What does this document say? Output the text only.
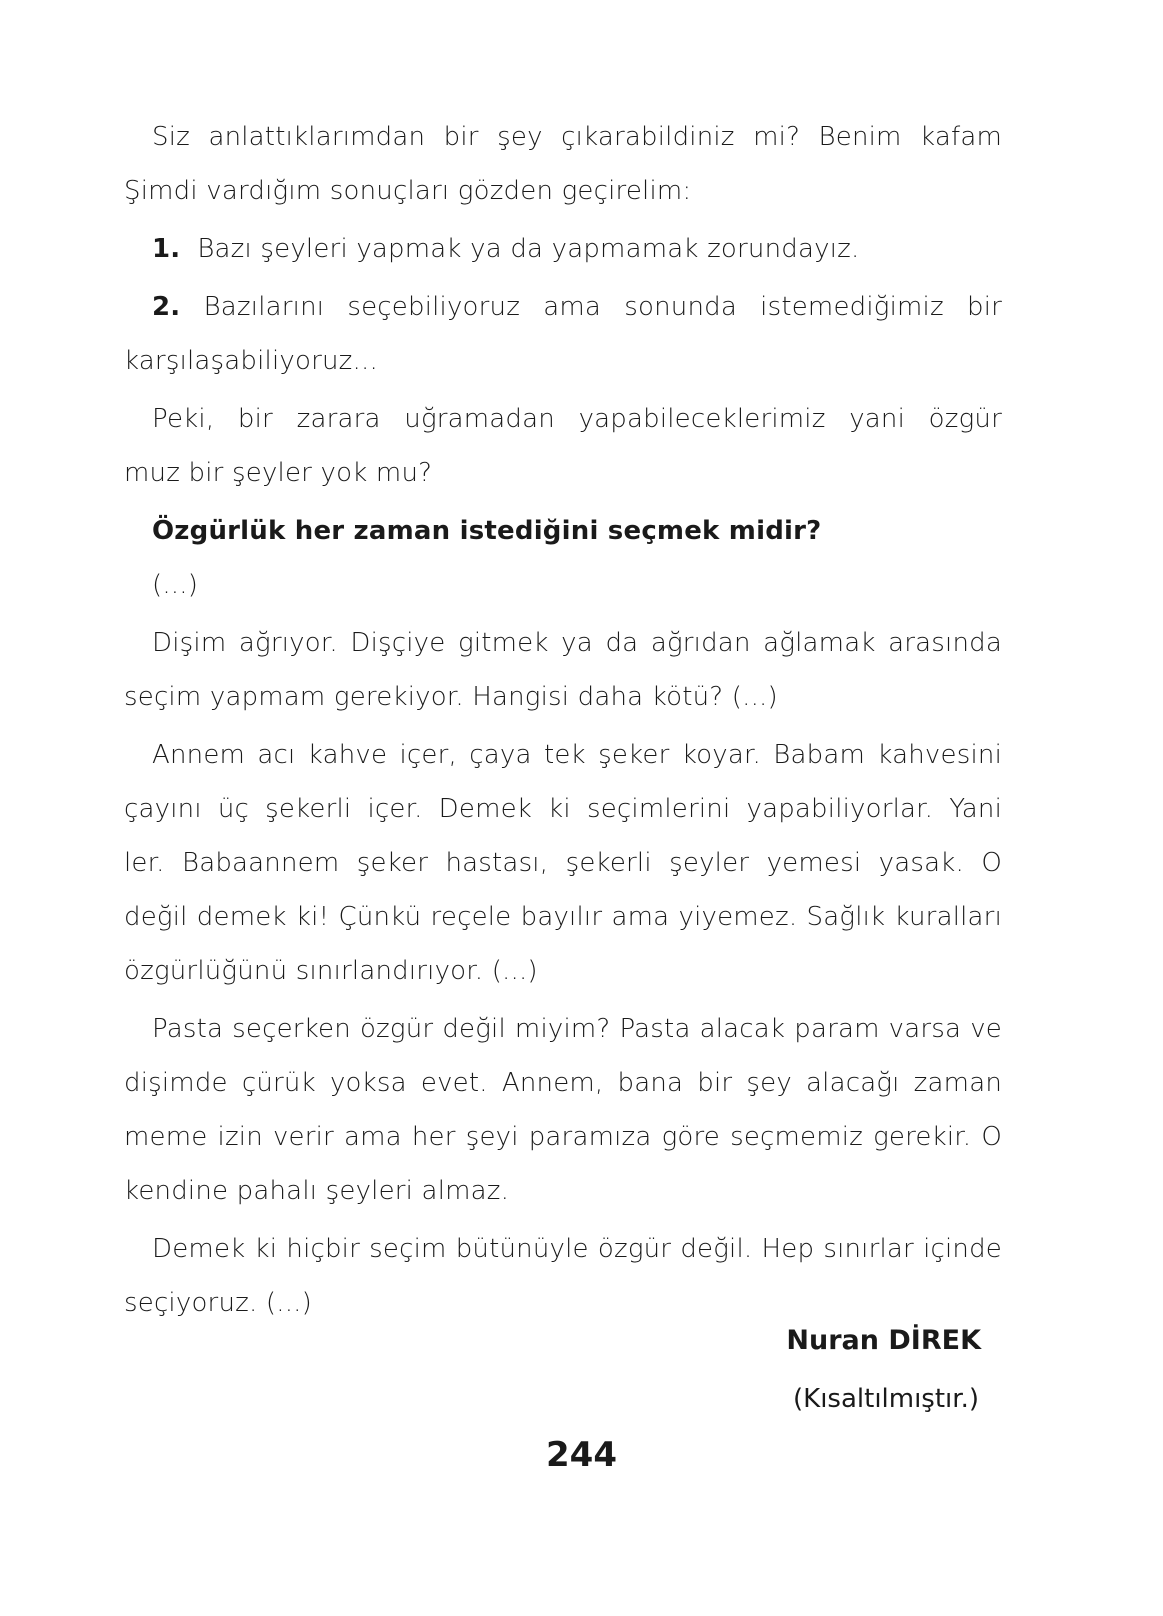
Siz anlattıklarımdan bir şey çıkarabildiniz mi? Benim kafam
Şimdi vardığım sonuçları gözden geçirelim:
1. Bazı şeyleri yapmak ya da yapmamak zorundayız.
2. Bazılarını seçebiliyoruz ama sonunda istemediğimiz bir
karşılaşabiliyoruz...
Peki, bir zarara uğramadan yapabileceklerimiz yani özgür
muz bir şeyler yok mu?
Özgürlük her zaman istediğini seçmek midir?
(...)
Dişim ağrıyor. Dişçiye gitmek ya da ağrıdan ağlamak arasında
seçim yapmam gerekiyor. Hangisi daha kötü? (...)
Annem acı kahve içer, çaya tek şeker koyar. Babam kahvesini
çayını üç şekerli içer. Demek ki seçimlerini yapabiliyorlar. Yani
ler. Babaannem şeker hastası, şekerli şeyler yemesi yasak. O
değil demek ki! Çünkü reçele bayılır ama yiyemez. Sağlık kuralları
özgürlüğünü sınırlandırıyor. (...)
Pasta seçerken özgür değil miyim? Pasta alacak param varsa ve
dişimde çürük yoksa evet. Annem, bana bir şey alacağı zaman
meme izin verir ama her şeyi paramıza göre seçmemiz gerekir. O
kendine pahalı şeyleri almaz.
Demek ki hiçbir seçim bütünüyle özgür değil. Hep sınırlar içinde
seçiyoruz. (...)
Nuran DİREK
(Kısaltılmıştır.)
244
